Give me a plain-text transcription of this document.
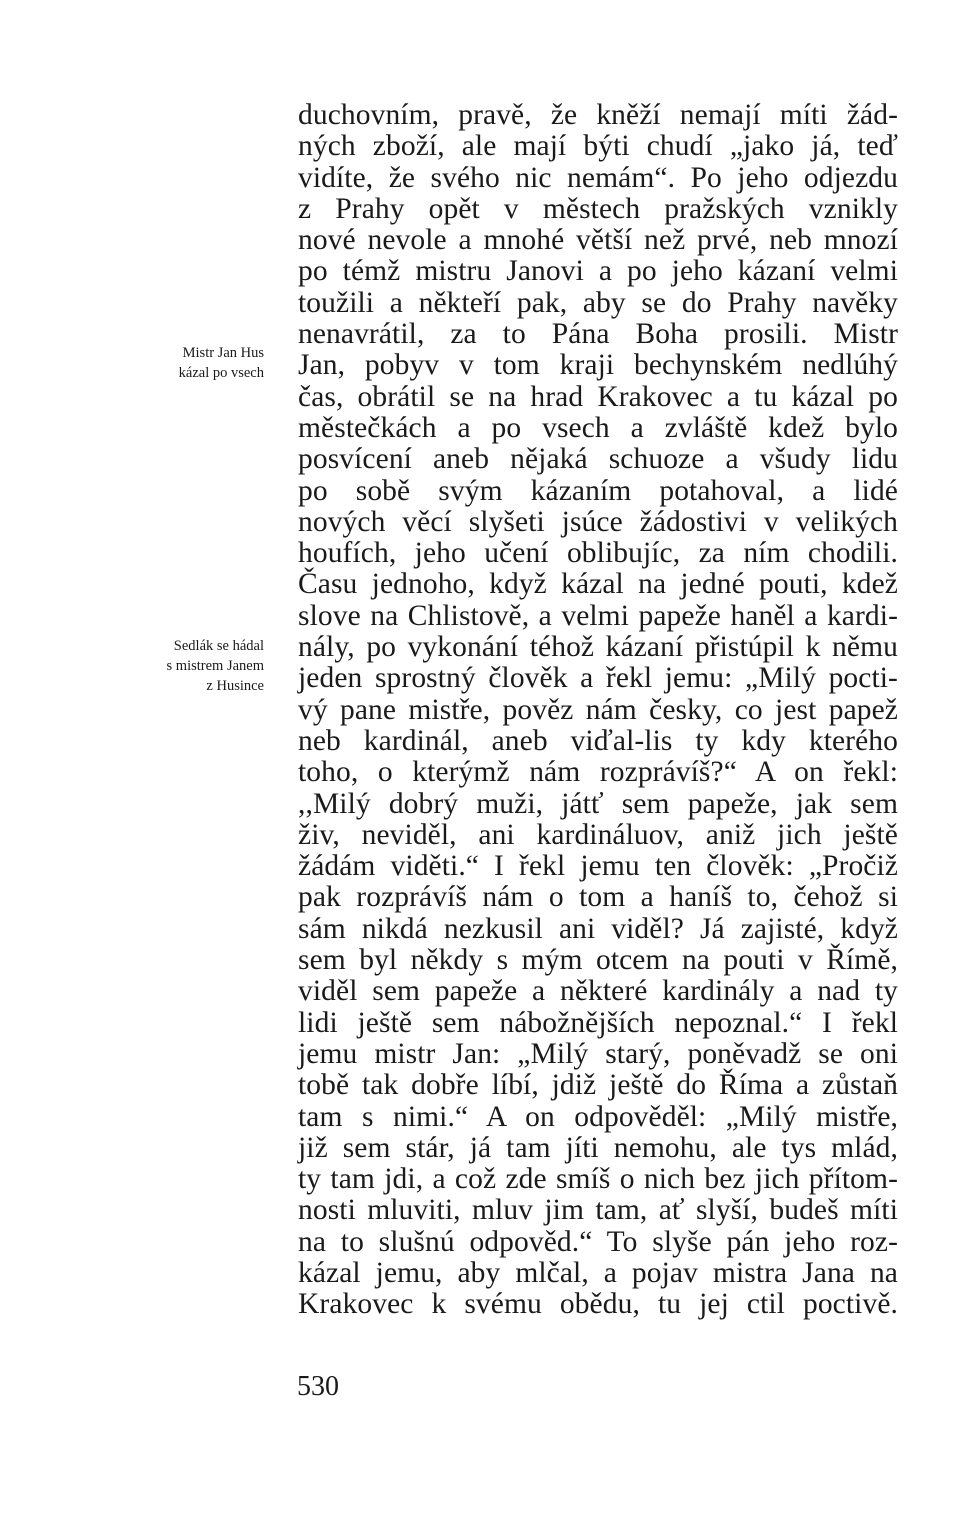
duchovním, pravě, že kněží nemají míti žád-
ných zboží, ale mají býti chudí „jako já, teď
vidíte, že svého nic nemám“. Po jeho odjezdu
z Prahy opět v městech pražských vznikly
nové nevole a mnohé větší než prvé, neb mnozí
po témž mistru Janovi a po jeho kázaní velmi
toužili a někteří pak, aby se do Prahy navěky
nenavrátil, za to Pána Boha prosili. Mistr
Jan, pobyv v tom kraji bechynském nedlúhý
čas, obrátil se na hrad Krakovec a tu kázal po
městečkách a po vsech a zvláště kdež bylo
posvícení aneb nějaká schuoze a všudy lidu
po sobě svým kázaním potahoval, a lidé
nových věcí slyšeti jsúce žádostivi v velikých
houfích, jeho učení oblibujíc, za ním chodili.
Času jednoho, když kázal na jedné pouti, kdež
slove na Chlistově, a velmi papeže haněl a kardi-
nály, po vykonání téhož kázaní přistúpil k němu
jeden sprostný člověk a řekl jemu: „Milý pocti-
vý pane mistře, pověz nám česky, co jest papež
neb kardinál, aneb viďal-lis ty kdy kterého
toho, o kterýmž nám rozprávíš?“ A on řekl:
,,Milý dobrý muži, játť sem papeže, jak sem
živ, neviděl, ani kardináluov, aniž jich ještě
žádám viděti.“ I řekl jemu ten člověk: „Pročiž
pak rozprávíš nám o tom a haníš to, čehož si
sám nikdá nezkusil ani viděl? Já zajisté, když
sem byl někdy s mým otcem na pouti v Římě,
viděl sem papeže a některé kardinály a nad ty
lidi ještě sem nábožnějších nepoznal.“ I řekl
jemu mistr Jan: „Milý starý, poněvadž se oni
tobě tak dobře líbí, jdiž ještě do Říma a zůstaň
tam s nimi.“ A on odpověděl: „Milý mistře,
již sem stár, já tam jíti nemohu, ale tys mlád,
ty tam jdi, a což zde smíš o nich bez jich přítom-
nosti mluviti, mluv jim tam, ať slyší, budeš míti
na to slušnú odpověd.“ To slyše pán jeho roz-
kázal jemu, aby mlčal, a pojav mistra Jana na
Krakovec k svému obědu, tu jej ctil poctivě.
Mistr Jan Hus
kázal po vsech
Sedlák se hádal
s mistrem Janem
z Husince
530
